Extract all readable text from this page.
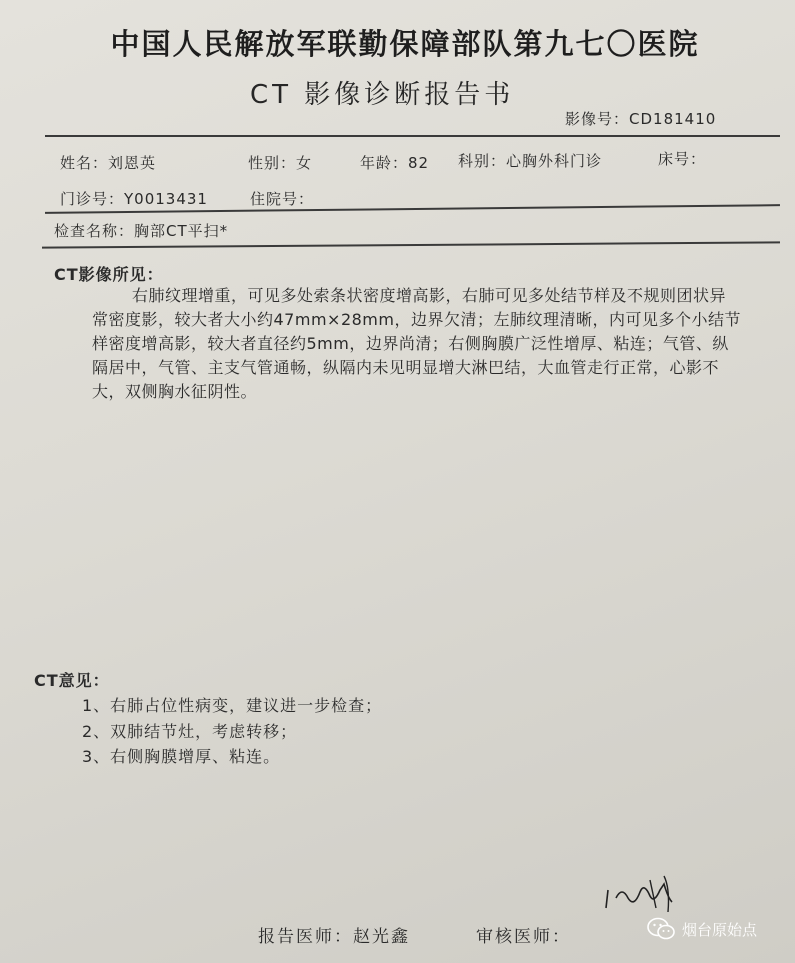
中国人民解放军联勤保障部队第九七〇医院
CT 影像诊断报告书
影像号：CD181410
姓名：刘恩英	性别：女	年龄：82 科别：心胸外科门诊	床号：
门诊号：Y0013431	住院号：
检查名称：胸部CT平扫*
CT影像所见：
右肺纹理增重，可见多处索条状密度增高影，右肺可见多处结节样及不规则团状异常密度影，较大者大小约47mm×28mm，边界欠清；左肺纹理清晰，内可见多个小结节样密度增高影，较大者直径约5mm，边界尚清；右侧胸膜广泛性增厚、粘连；气管、纵隔居中，气管、主支气管通畅，纵隔内未见明显增大淋巴结，大血管走行正常，心影不大，双侧胸水征阴性。
CT意见：
1、右肺占位性病变，建议进一步检查；
2、双肺结节灶，考虑转移；
3、右侧胸膜增厚、粘连。
报告医师：赵光鑫	审核医师：	烟台原始点
